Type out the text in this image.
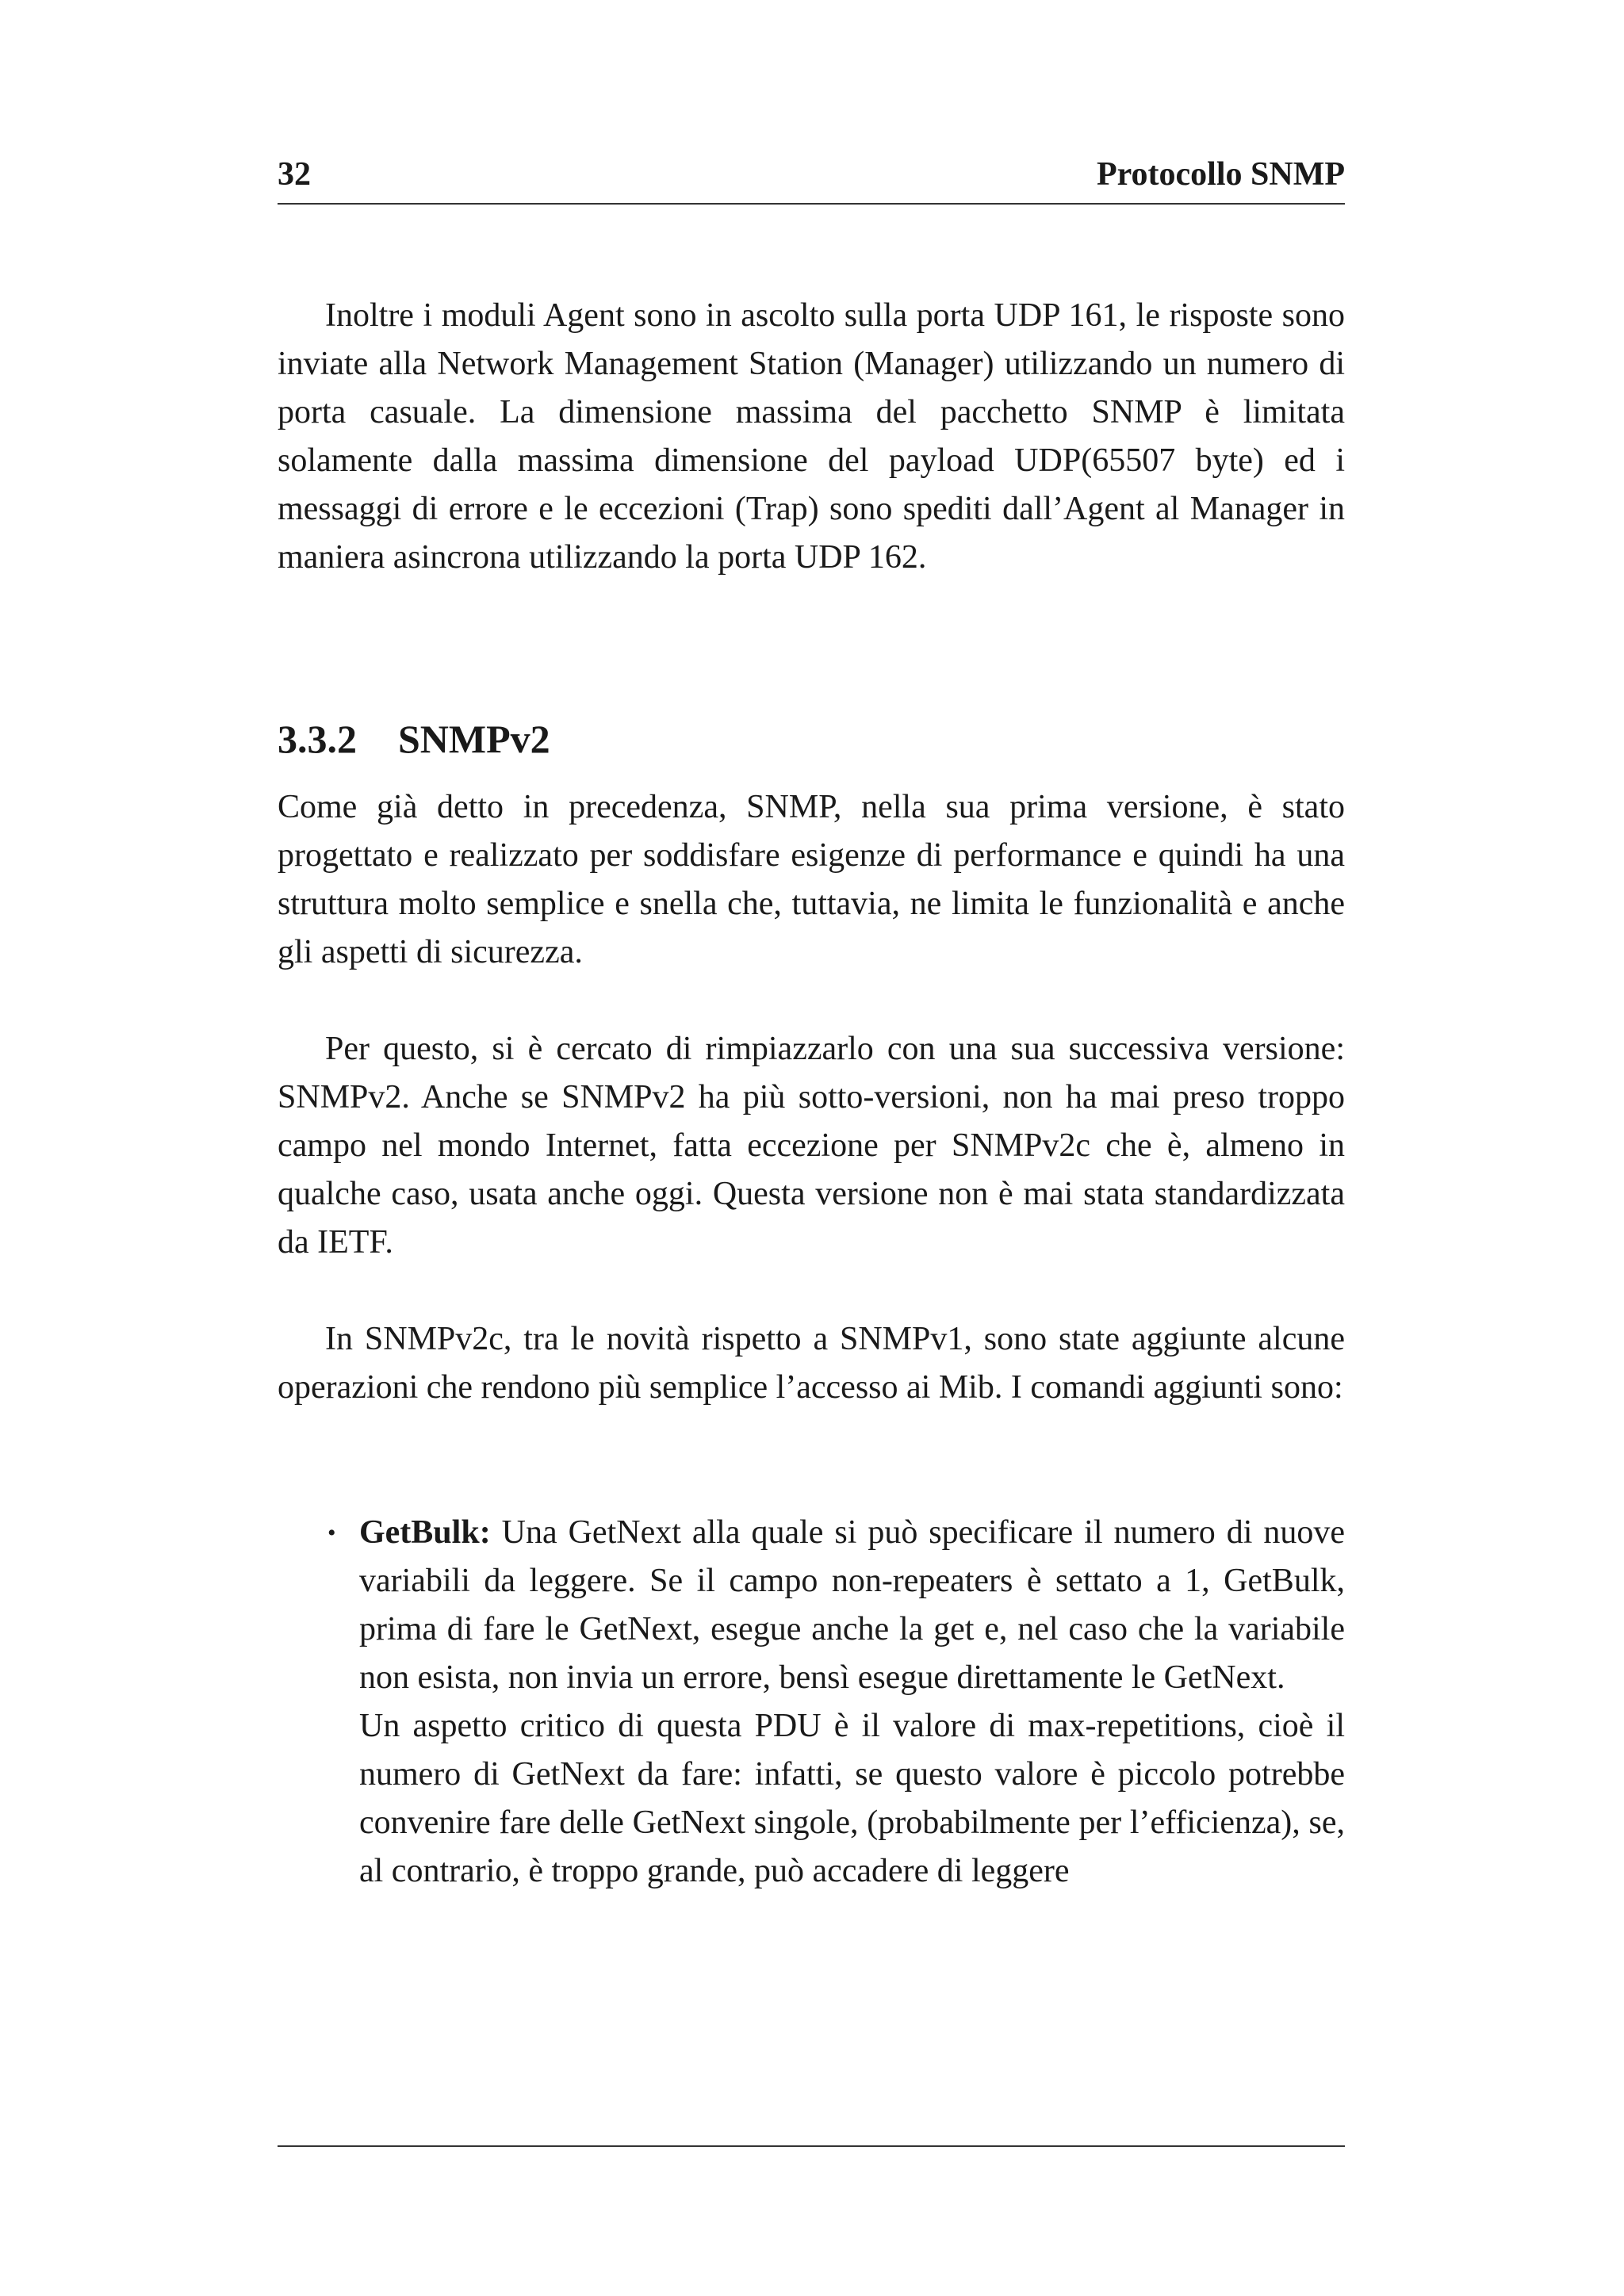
32	Protocollo SNMP

Inoltre i moduli Agent sono in ascolto sulla porta UDP 161, le risposte sono inviate alla Network Management Station (Manager) utilizzando un numero di porta casuale. La dimensione massima del pacchetto SNMP è limitata solamente dalla massima dimensione del payload UDP(65507 byte) ed i messaggi di errore e le eccezioni (Trap) sono spediti dall’Agent al Manager in maniera asincrona utilizzando la porta UDP 162.

3.3.2 SNMPv2

Come già detto in precedenza, SNMP, nella sua prima versione, è stato progettato e realizzato per soddisfare esigenze di performance e quindi ha una struttura molto semplice e snella che, tuttavia, ne limita le funzionalità e anche gli aspetti di sicurezza.

Per questo, si è cercato di rimpiazzarlo con una sua successiva versione: SNMPv2. Anche se SNMPv2 ha più sotto-versioni, non ha mai preso troppo campo nel mondo Internet, fatta eccezione per SNMPv2c che è, almeno in qualche caso, usata anche oggi. Questa versione non è mai stata standardizzata da IETF.

In SNMPv2c, tra le novità rispetto a SNMPv1, sono state aggiunte alcune operazioni che rendono più semplice l’accesso ai Mib. I comandi aggiunti sono:

• GetBulk: Una GetNext alla quale si può specificare il numero di nuove variabili da leggere. Se il campo non-repeaters è settato a 1, GetBulk, prima di fare le GetNext, esegue anche la get e, nel caso che la variabile non esista, non invia un errore, bensì esegue direttamente le GetNext.
Un aspetto critico di questa PDU è il valore di max-repetitions, cioè il numero di GetNext da fare: infatti, se questo valore è piccolo potrebbe convenire fare delle GetNext singole, (probabilmente per l’efficienza), se, al contrario, è troppo grande, può accadere di leggere
